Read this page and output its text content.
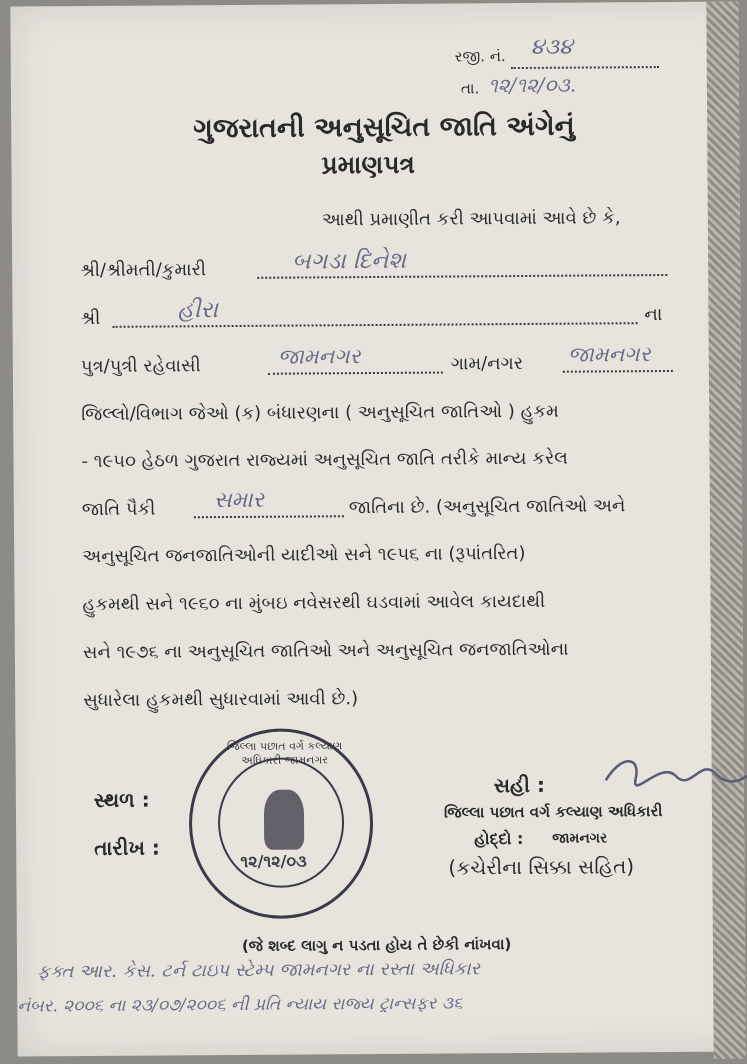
રજી. નં. ૪૩૪
તા. ૧૨/૧૨/૦૩.
ગુજરાતની અનુસૂચિત જાતિ અંગેનું
પ્રમાણપત્ર
આથી પ્રમાણીત કરી આપવામાં આવે છે કે,
શ્રી/શ્રીમતી/કુમારી	બગડા દિનેશ
શ્રી	હીરા	ના
પુત્ર/પુત્રી રહેવાસી	જામનગર	ગામ/નગર જામનગર
જિલ્લો/વિભાગ જેઓ (ક) બંધારણના ( અનુસૂચિત જાતિઓ ) હુકમ
- ૧૯૫૦ હેઠળ ગુજરાત રાજ્યમાં અનુસૂચિત જાતિ તરીકે માન્ય કરેલ
જાતિ પૈકી	સમાર	જાતિના છે. (અનુસૂચિત જાતિઓ અને
અનુસૂચિત જનજાતિઓની યાદીઓ સને ૧૯૫૬ ના (રૂપાંતરિત)
હુકમથી સને ૧૯૬૦ ના મુંબઇ નવેસરથી ઘડવામાં આવેલ કાયદાથી
સને ૧૯૭૬ ના અનુસૂચિત જાતિઓ અને અનુસૂચિત જનજાતિઓના
સુધારેલા હુકમથી સુધારવામાં આવી છે.)
સ્થળ :
તારીખ :
જિલ્લા પછાત વર્ગ કલ્યાણ અધિકારી જામનગર
૧૨/૧૨/૦૩
સહી :
જિલ્લા પછાત વર્ગ કલ્યાણ અધિકારી
હોદ્દો : જામનગર
(કચેરીના સિક્કા સહિત)
(જે શબ્દ લાગુ ન પડતા હોય તે છેકી નાંખવા)
ફક્ત આર. કેસ. ટર્ન ટાઇપ સ્ટેમ્પ જામનગર ના રસ્તા અધિકાર
નંબર. ૨૦૦૬ ના ૨૩/૦૭/૨૦૦૬ ની પ્રતિ ન્યાય રાજ્ય ટ્રાન્સફર ૩૬
